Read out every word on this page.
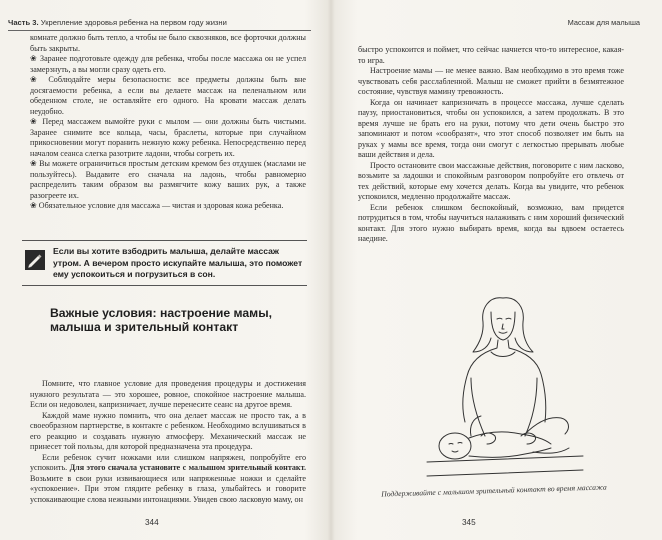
Часть 3. Укрепление здоровья ребенка на первом году жизни

комнате должно быть тепло, а чтобы не было сквозняков, все форточки должны быть закрыты.

❀ Заранее подготовьте одежду для ребенка, чтобы после массажа он не успел замерзнуть, а вы могли сразу одеть его.

❀ Соблюдайте меры безопасности: все предметы должны быть вне досягаемости ребенка, а если вы делаете массаж на пеленальном или обеденном столе, не оставляйте его одного. На кровати массаж делать неудобно.

❀ Перед массажем вымойте руки с мылом — они должны быть чистыми. Заранее снимите все кольца, часы, браслеты, которые при случайном прикосновении могут поранить нежную кожу ребенка. Непосредственно перед началом сеанса слегка разотрите ладони, чтобы согреть их.

❀ Вы можете ограничиться простым детским кремом без отдушек (маслами не пользуйтесь). Выдавите его сначала на ладонь, чтобы равномерно распределить таким образом вы размягчите кожу ваших рук, а также разогреете их.

❀ Обязательное условие для массажа — чистая и здоровая кожа ребенка.

Если вы хотите взбодрить малыша, делайте массаж утром. А вечером просто искупайте малыша, это поможет ему успокоиться и погрузиться в сон.
Важные условия: настроение мамы, малыша и зрительный контакт

Помните, что главное условие для проведения процедуры и достижения нужного результата — это хорошее, ровное, спокойное настроение малыша. Если он недоволен, капризничает, лучше перенесите сеанс на другое время.

Каждой маме нужно помнить, что она делает массаж не просто так, а в своеобразном партнерстве, в контакте с ребенком. Необходимо вслушиваться в его реакцию и создавать нужную атмосферу. Механический массаж не принесет той пользы, для которой предназначена эта процедура.

Если ребенок сучит ножками или слишком напряжен, попробуйте его успокоить. Для этого сначала установите с малышом зрительный контакт. Возьмите в свои руки извивающиеся или напряженные ножки и сделайте «успокоение». При этом глядите ребенку в глаза, улыбайтесь и говорите успокаивающие слова нежными интонациями. Увидев свою ласковую маму, он

344
Массаж для малыша

быстро успокоится и поймет, что сейчас начнется что-то интересное, какая-то игра.

Настроение мамы — не менее важно. Вам необходимо в это время тоже чувствовать себя расслабленной. Малыш не сможет прийти в безмятежное состояние, чувствуя мамину тревожность.

Когда он начинает капризничать в процессе массажа, лучше сделать паузу, приостановиться, чтобы он успокоился, а затем продолжать. В это время лучше не брать его на руки, потому что дети очень быстро это запоминают и потом «сообразят», что этот способ позволяет им быть на руках у мамы все время, тогда они смогут с легкостью прерывать любые ваши действия и дела.

Просто остановите свои массажные действия, поговорите с ним ласково, возьмите за ладошки и спокойным разговором попробуйте его отвлечь от тех действий, которые ему хочется делать. Когда вы увидите, что ребенок успокоился, медленно продолжайте массаж.

Если ребенок слишком беспокойный, возможно, вам придется потрудиться в том, чтобы научиться налаживать с ним хороший физический контакт. Для этого нужно выбирать время, когда вы вдвоем остаетесь наедине.

Поддерживайте с малышом зрительный контакт во время массажа
345
